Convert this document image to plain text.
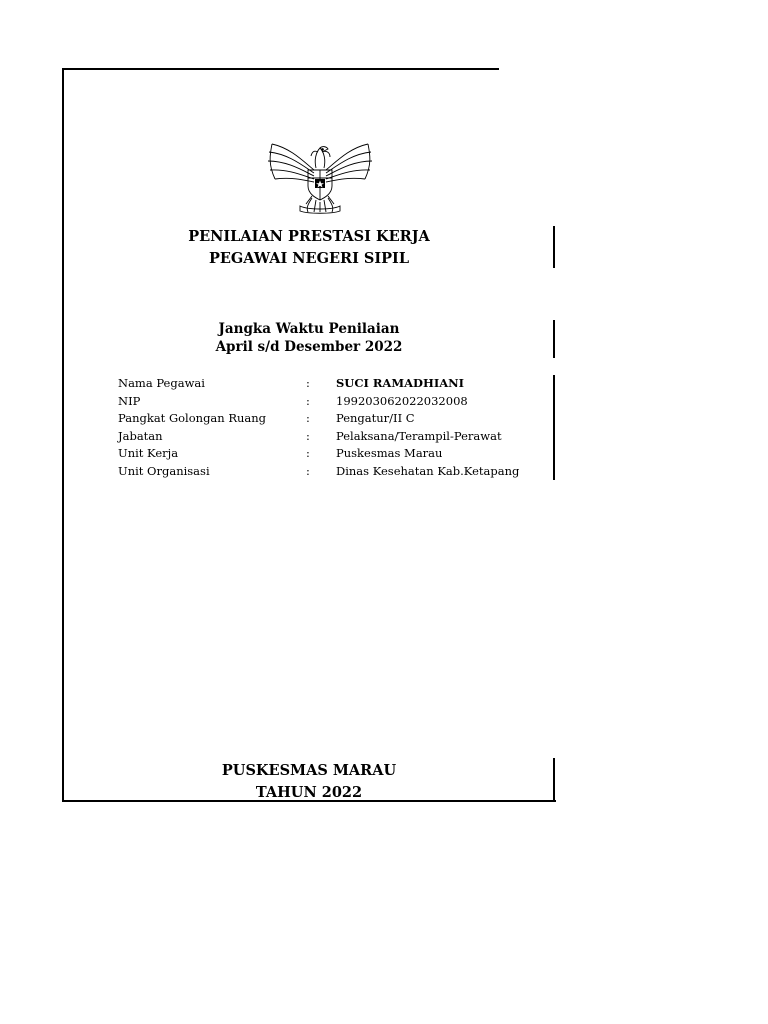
PENILAIAN PRESTASI KERJA
PEGAWAI NEGERI SIPIL
Jangka Waktu Penilaian
April s/d Desember 2022
Nama Pegawai	: SUCI RAMADHIANI
NIP	: 199203062022032008
Pangkat Golongan Ruang	: Pengatur/II C
Jabatan	: Pelaksana/Terampil-Perawat
Unit Kerja	: Puskesmas Marau
Unit Organisasi	: Dinas Kesehatan Kab.Ketapang
PUSKESMAS MARAU
TAHUN 2022
